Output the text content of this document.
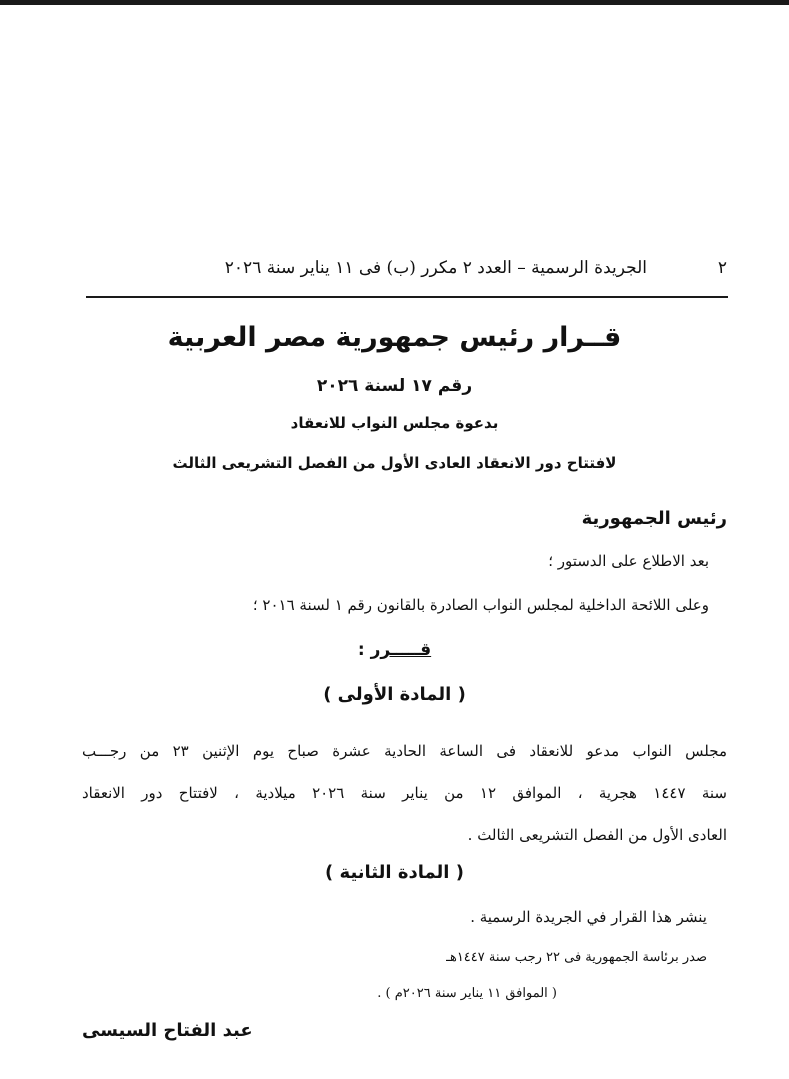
٢
الجريدة الرسمية – العدد ٢ مكرر (ب) فى ١١ يناير سنة ٢٠٢٦
قــرار رئيس جمهورية مصر العربية
رقم ١٧ لسنة ٢٠٢٦
بدعوة مجلس النواب للانعقاد
لافتتاح دور الانعقاد العادى الأول من الفصل التشريعى الثالث
رئيس الجمهورية
بعد الاطلاع على الدستور ؛
وعلى اللائحة الداخلية لمجلس النواب الصادرة بالقانون رقم ١ لسنة ٢٠١٦ ؛
قـــــرر :
( المادة الأولى )
مجلس النواب مدعو للانعقاد فى الساعة الحادية عشرة صباح يوم الإثنين ٢٣ من رجـــب
سنة ١٤٤٧ هجرية ، الموافق ١٢ من يناير سنة ٢٠٢٦ ميلادية ، لافتتاح دور الانعقاد
العادى الأول من الفصل التشريعى الثالث .
( المادة الثانية )
ينشر هذا القرار في الجريدة الرسمية .
صدر برئاسة الجمهورية فى ٢٢ رجب سنة ١٤٤٧هـ
( الموافق ١١ يناير سنة ٢٠٢٦م ) .
عبد الفتاح السيسى
